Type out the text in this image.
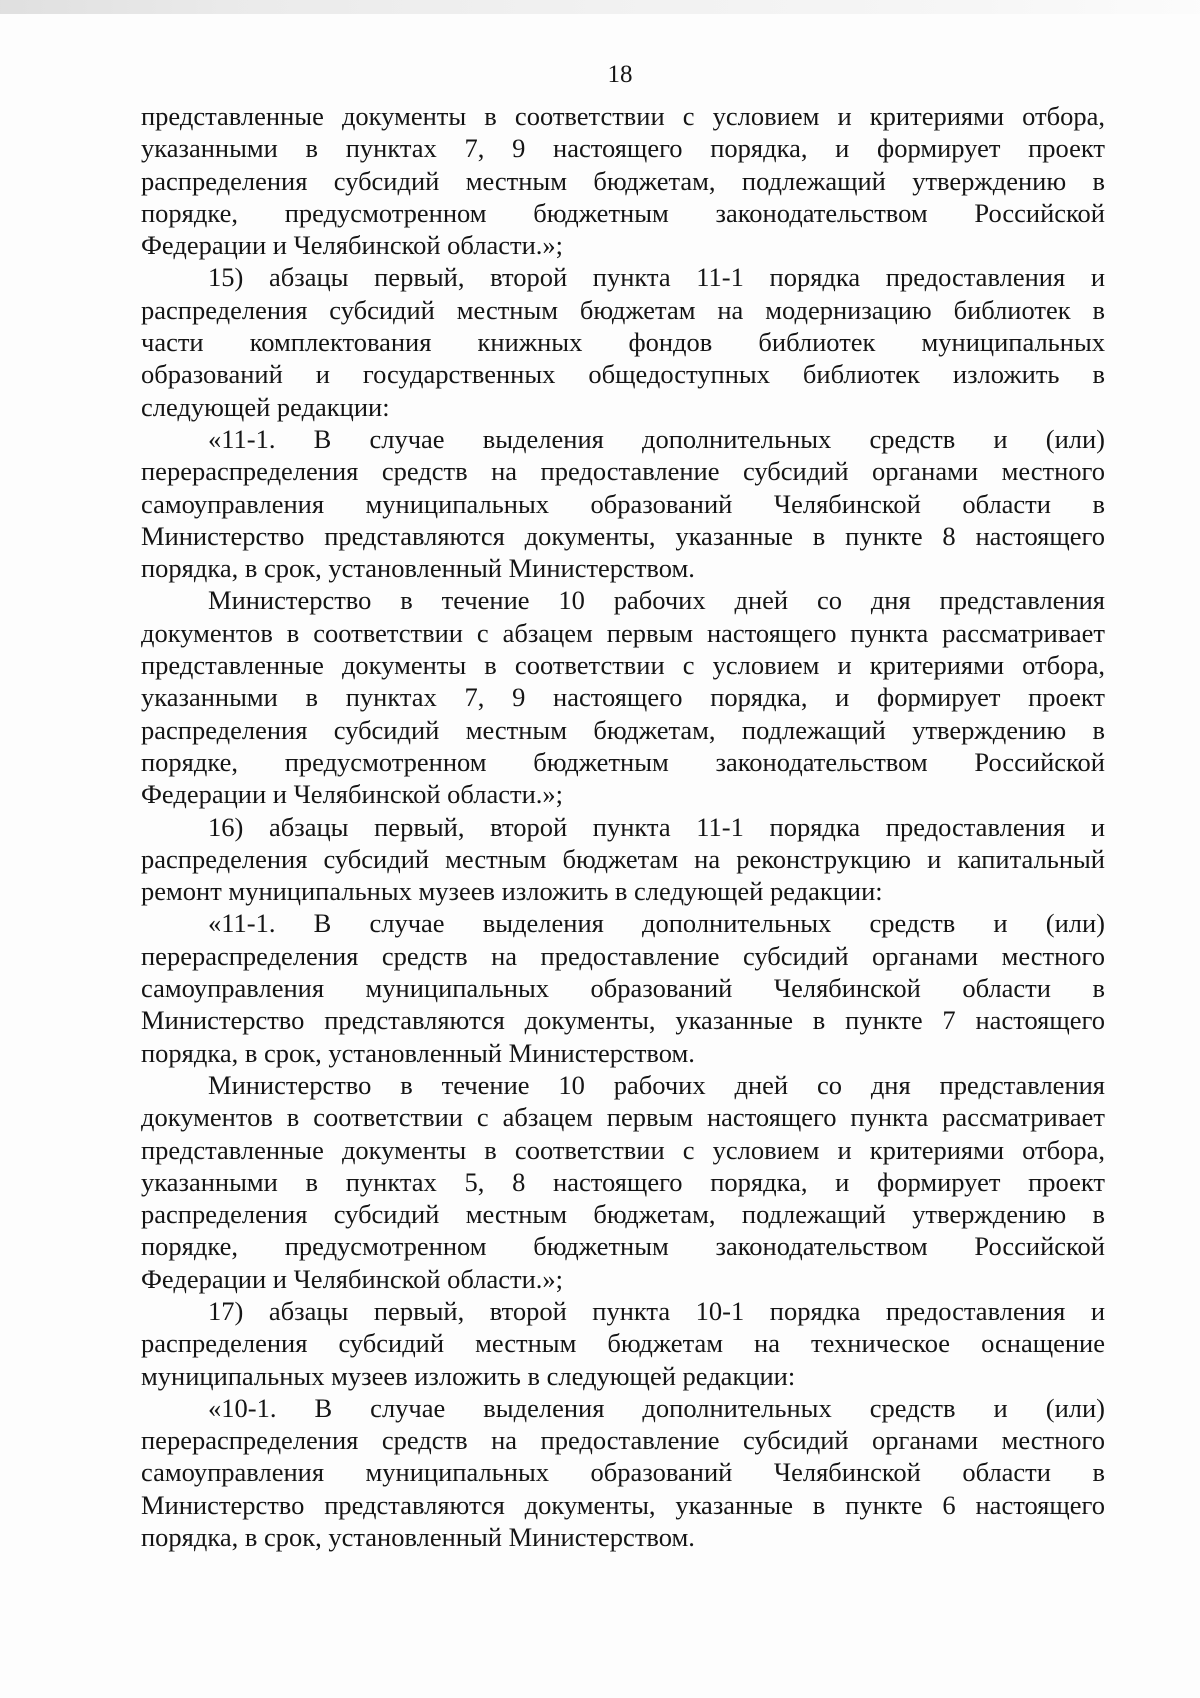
18
представленные документы в соответствии с условием и критериями отбора,
указанными в пунктах 7, 9 настоящего порядка, и формирует проект
распределения субсидий местным бюджетам, подлежащий утверждению в
порядке, предусмотренном бюджетным законодательством Российской
Федерации и Челябинской области.»;
15) абзацы первый, второй пункта 11-1 порядка предоставления и
распределения субсидий местным бюджетам на модернизацию библиотек в
части комплектования книжных фондов библиотек муниципальных
образований и государственных общедоступных библиотек изложить в
следующей редакции:
«11-1. В случае выделения дополнительных средств и (или)
перераспределения средств на предоставление субсидий органами местного
самоуправления муниципальных образований Челябинской области в
Министерство представляются документы, указанные в пункте 8 настоящего
порядка, в срок, установленный Министерством.
Министерство в течение 10 рабочих дней со дня представления
документов в соответствии с абзацем первым настоящего пункта рассматривает
представленные документы в соответствии с условием и критериями отбора,
указанными в пунктах 7, 9 настоящего порядка, и формирует проект
распределения субсидий местным бюджетам, подлежащий утверждению в
порядке, предусмотренном бюджетным законодательством Российской
Федерации и Челябинской области.»;
16) абзацы первый, второй пункта 11-1 порядка предоставления и
распределения субсидий местным бюджетам на реконструкцию и капитальный
ремонт муниципальных музеев изложить в следующей редакции:
«11-1. В случае выделения дополнительных средств и (или)
перераспределения средств на предоставление субсидий органами местного
самоуправления муниципальных образований Челябинской области в
Министерство представляются документы, указанные в пункте 7 настоящего
порядка, в срок, установленный Министерством.
Министерство в течение 10 рабочих дней со дня представления
документов в соответствии с абзацем первым настоящего пункта рассматривает
представленные документы в соответствии с условием и критериями отбора,
указанными в пунктах 5, 8 настоящего порядка, и формирует проект
распределения субсидий местным бюджетам, подлежащий утверждению в
порядке, предусмотренном бюджетным законодательством Российской
Федерации и Челябинской области.»;
17) абзацы первый, второй пункта 10-1 порядка предоставления и
распределения субсидий местным бюджетам на техническое оснащение
муниципальных музеев изложить в следующей редакции:
«10-1. В случае выделения дополнительных средств и (или)
перераспределения средств на предоставление субсидий органами местного
самоуправления муниципальных образований Челябинской области в
Министерство представляются документы, указанные в пункте 6 настоящего
порядка, в срок, установленный Министерством.
